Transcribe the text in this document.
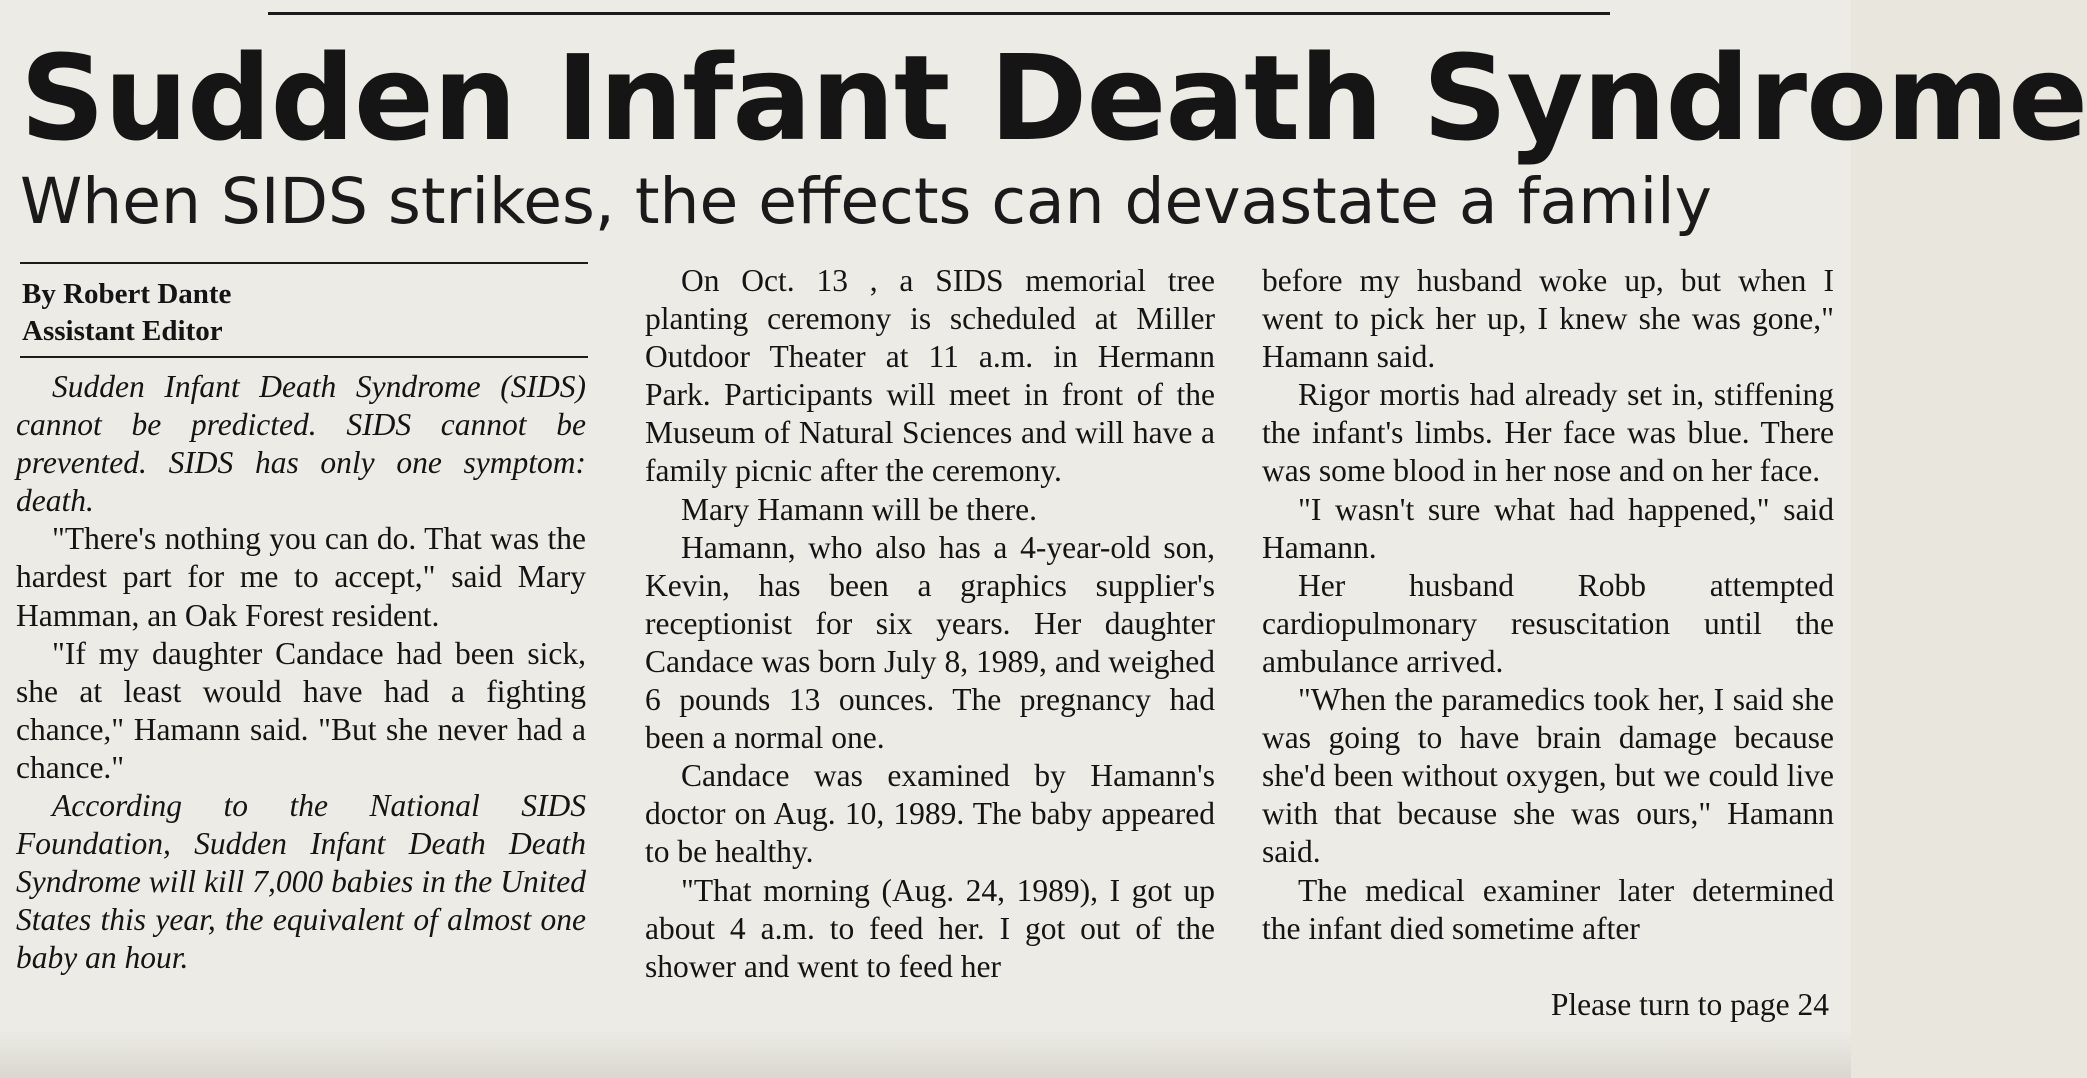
Sudden Infant Death Syndrome
When SIDS strikes, the effects can devastate a family
By Robert Dante
Assistant Editor

Sudden Infant Death Syndrome (SIDS) cannot be predicted. SIDS cannot be prevented. SIDS has only one symptom: death.

"There's nothing you can do. That was the hardest part for me to accept," said Mary Hamman, an Oak Forest resident.

"If my daughter Candace had been sick, she at least would have had a fighting chance," Hamann said. "But she never had a chance."

According to the National SIDS Foundation, Sudden Infant Death Death Syndrome will kill 7,000 babies in the United States this year, the equivalent of almost one baby an hour.

On Oct. 13 , a SIDS memorial tree planting ceremony is scheduled at Miller Outdoor Theater at 11 a.m. in Hermann Park. Participants will meet in front of the Museum of Natural Sciences and will have a family picnic after the ceremony.

Mary Hamann will be there.

Hamann, who also has a 4-year-old son, Kevin, has been a graphics supplier's receptionist for six years. Her daughter Candace was born July 8, 1989, and weighed 6 pounds 13 ounces. The pregnancy had been a normal one.

Candace was examined by Hamann's doctor on Aug. 10, 1989. The baby appeared to be healthy.

"That morning (Aug. 24, 1989), I got up about 4 a.m. to feed her. I got out of the shower and went to feed her

before my husband woke up, but when I went to pick her up, I knew she was gone," Hamann said.

Rigor mortis had already set in, stiffening the infant's limbs. Her face was blue. There was some blood in her nose and on her face.

"I wasn't sure what had happened," said Hamann.

Her husband Robb attempted cardiopulmonary resuscitation until the ambulance arrived.

"When the paramedics took her, I said she was going to have brain damage because she'd been without oxygen, but we could live with that because she was ours," Hamann said.

The medical examiner later determined the infant died sometime after

Please turn to page 24
